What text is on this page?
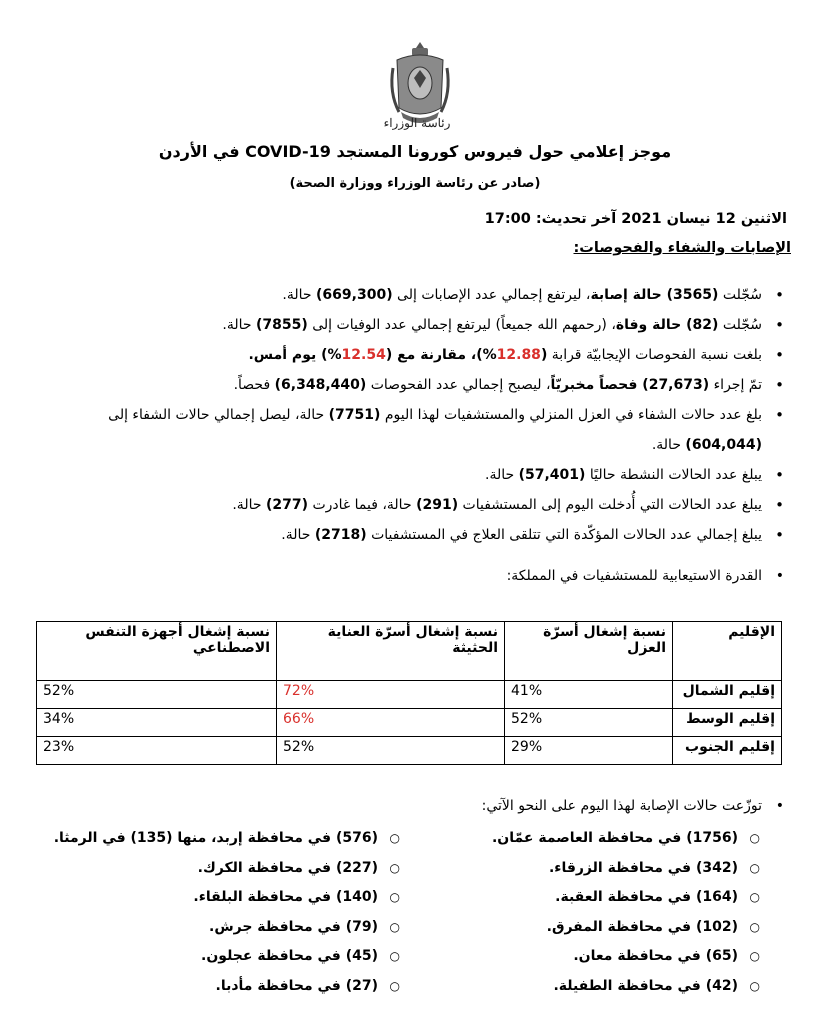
رئاسة الوزراء
موجز إعلامي حول فيروس كورونا المستجد COVID-19 في الأردن
(صادر عن رئاسة الوزراء ووزارة الصحة)
الاثنين 12 نيسان 2021 آخر تحديث: 17:00
الإصابات والشفاء والفحوصات:
• سُجّلت (3565) حالة إصابة، ليرتفع إجمالي عدد الإصابات إلى (669,300) حالة.
• سُجّلت (82) حالة وفاة، (رحمهم الله جميعاً) ليرتفع إجمالي عدد الوفيات إلى (7855) حالة.
• بلغت نسبة الفحوصات الإيجابيّة قرابة (12.88%)، مقارنة مع (12.54%) يوم أمس.
• تمّ إجراء (27,673) فحصاً مخبريّاً، ليصبح إجمالي عدد الفحوصات (6,348,440) فحصاً.
• بلغ عدد حالات الشفاء في العزل المنزلي والمستشفيات لهذا اليوم (7751) حالة، ليصل إجمالي حالات الشفاء إلى (604,044) حالة.
• يبلغ عدد الحالات النشطة حاليًا (57,401) حالة.
• يبلغ عدد الحالات التي أُدخلت اليوم إلى المستشفيات (291) حالة، فيما غادرت (277) حالة.
• يبلغ إجمالي عدد الحالات المؤكّدة التي تتلقى العلاج في المستشفيات (2718) حالة.
• القدرة الاستيعابية للمستشفيات في المملكة:
الإقليم	نسبة إشغال أسرّة العزل	نسبة إشغال أسرّة العناية الحثيثة	نسبة إشغال أجهزة التنفس الاصطناعي
إقليم الشمال	41%	72%	52%
إقليم الوسط	52%	66%	34%
إقليم الجنوب	29%	52%	23%
• توزّعت حالات الإصابة لهذا اليوم على النحو الآتي:
○ (1756) في محافظة العاصمة عمّان.
○ (342) في محافظة الزرقاء.
○ (164) في محافظة العقبة.
○ (102) في محافظة المفرق.
○ (65) في محافظة معان.
○ (42) في محافظة الطفيلة.
○ (576) في محافظة إربد، منها (135) في الرمثا.
○ (227) في محافظة الكرك.
○ (140) في محافظة البلقاء.
○ (79) في محافظة جرش.
○ (45) في محافظة عجلون.
○ (27) في محافظة مأدبا.
